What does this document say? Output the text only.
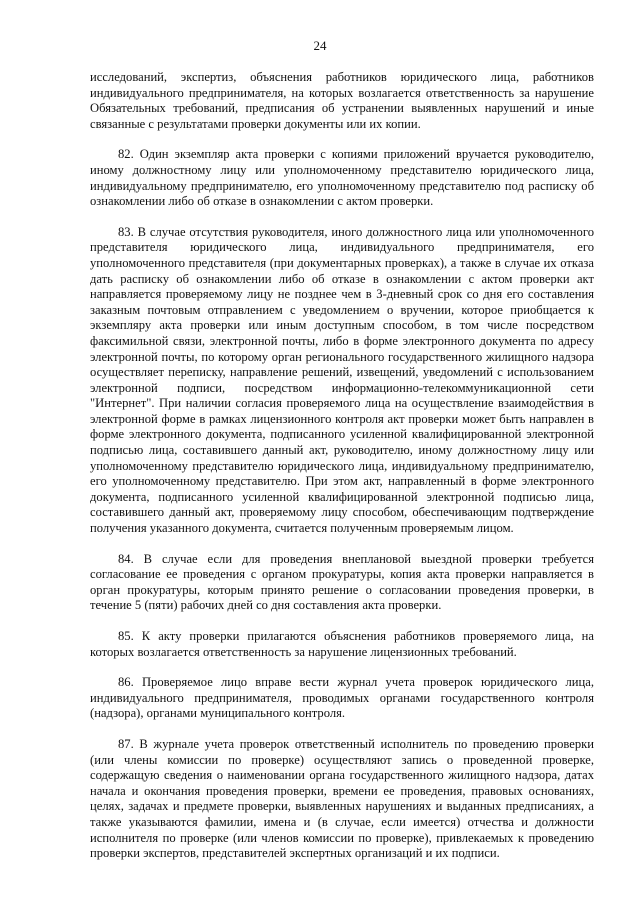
24

исследований, экспертиз, объяснения работников юридического лица, работников индивидуального предпринимателя, на которых возлагается ответственность за нарушение Обязательных требований, предписания об устранении выявленных нарушений и иные связанные с результатами проверки документы или их копии.

82. Один экземпляр акта проверки с копиями приложений вручается руководителю, иному должностному лицу или уполномоченному представителю юридического лица, индивидуальному предпринимателю, его уполномоченному представителю под расписку об ознакомлении либо об отказе в ознакомлении с актом проверки.

83. В случае отсутствия руководителя, иного должностного лица или уполномоченного представителя юридического лица, индивидуального предпринимателя, его уполномоченного представителя (при документарных проверках), а также в случае их отказа дать расписку об ознакомлении либо об отказе в ознакомлении с актом проверки акт направляется проверяемому лицу не позднее чем в 3-дневный срок со дня его составления заказным почтовым отправлением с уведомлением о вручении, которое приобщается к экземпляру акта проверки или иным доступным способом, в том числе посредством факсимильной связи, электронной почты, либо в форме электронного документа по адресу электронной почты, по которому орган регионального государственного жилищного надзора осуществляет переписку, направление решений, извещений, уведомлений с использованием электронной подписи, посредством информационно-телекоммуникационной сети "Интернет". При наличии согласия проверяемого лица на осуществление взаимодействия в электронной форме в рамках лицензионного контроля акт проверки может быть направлен в форме электронного документа, подписанного усиленной квалифицированной электронной подписью лица, составившего данный акт, руководителю, иному должностному лицу или уполномоченному представителю юридического лица, индивидуальному предпринимателю, его уполномоченному представителю. При этом акт, направленный в форме электронного документа, подписанного усиленной квалифицированной электронной подписью лица, составившего данный акт, проверяемому лицу способом, обеспечивающим подтверждение получения указанного документа, считается полученным проверяемым лицом.

84. В случае если для проведения внеплановой выездной проверки требуется согласование ее проведения с органом прокуратуры, копия акта проверки направляется в орган прокуратуры, которым принято решение о согласовании проведения проверки, в течение 5 (пяти) рабочих дней со дня составления акта проверки.

85. К акту проверки прилагаются объяснения работников проверяемого лица, на которых возлагается ответственность за нарушение лицензионных требований.

86. Проверяемое лицо вправе вести журнал учета проверок юридического лица, индивидуального предпринимателя, проводимых органами государственного контроля (надзора), органами муниципального контроля.

87. В журнале учета проверок ответственный исполнитель по проведению проверки (или члены комиссии по проверке) осуществляют запись о проведенной проверке, содержащую сведения о наименовании органа государственного жилищного надзора, датах начала и окончания проведения проверки, времени ее проведения, правовых основаниях, целях, задачах и предмете проверки, выявленных нарушениях и выданных предписаниях, а также указываются фамилии, имена и (в случае, если имеется) отчества и должности исполнителя по проверке (или членов комиссии по проверке), привлекаемых к проведению проверки экспертов, представителей экспертных организаций и их подписи.
